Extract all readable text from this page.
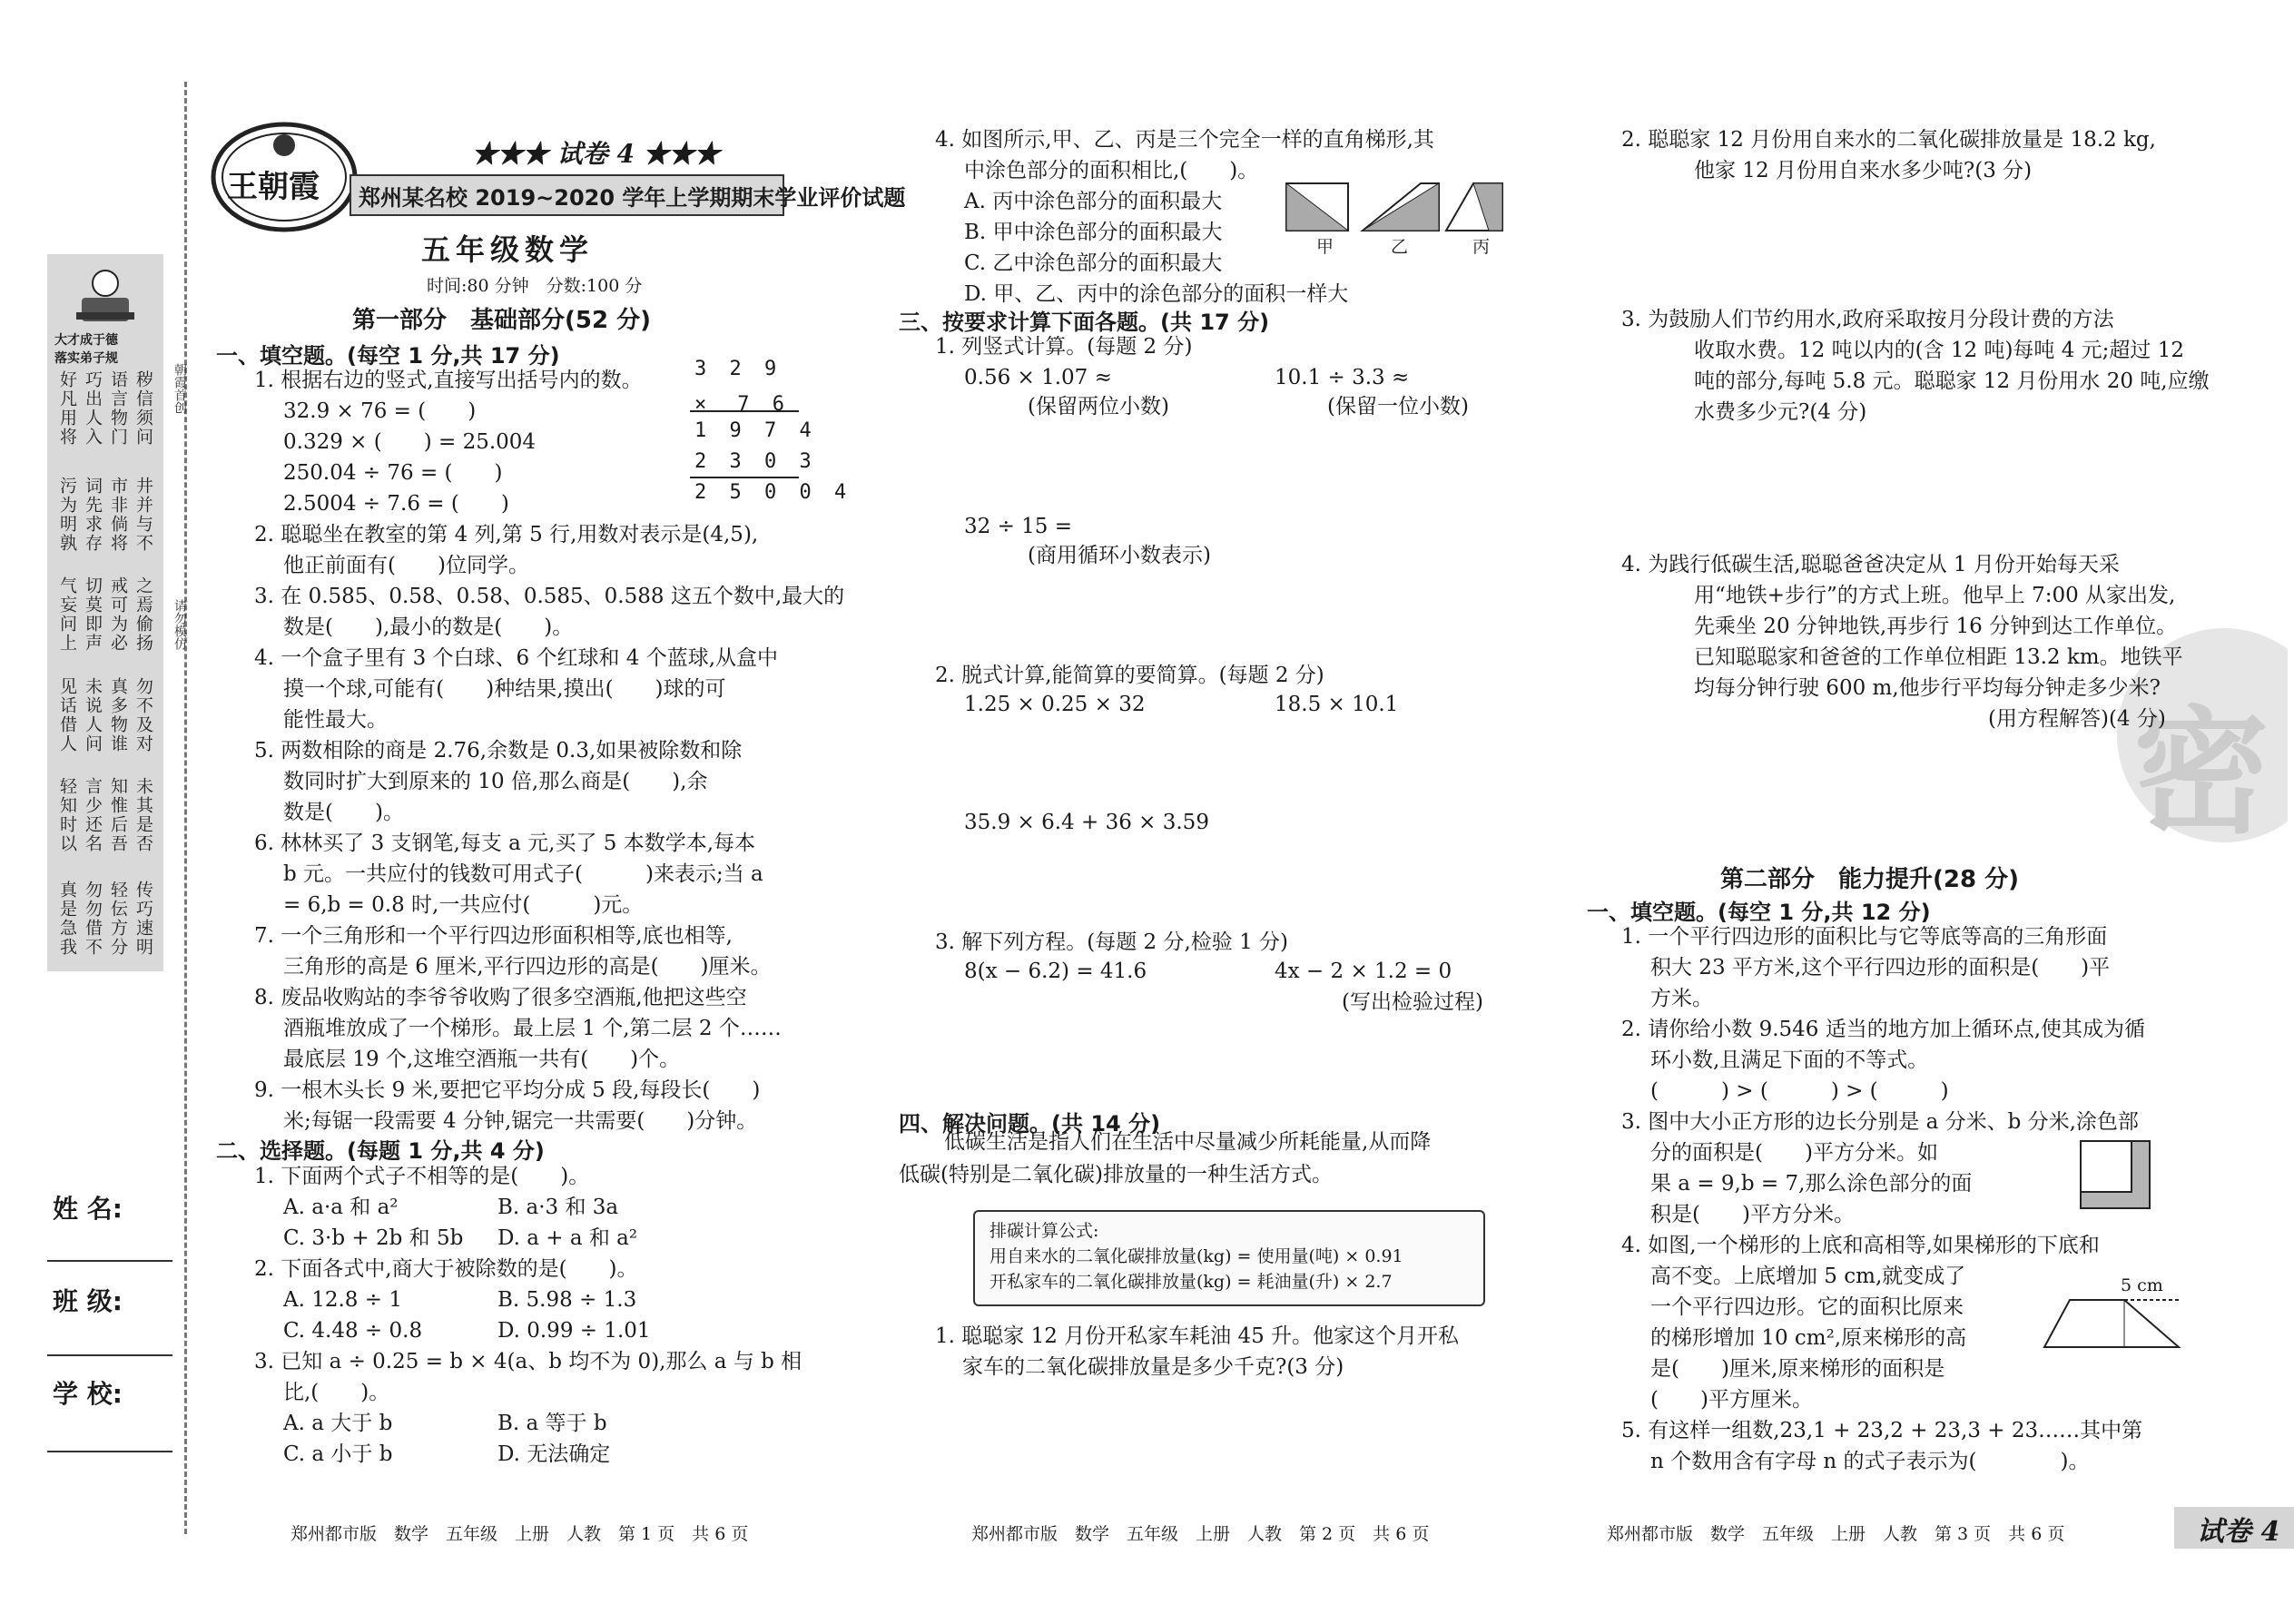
朝霞首创
请勿模仿
大才成于德
落实弟子规
好凡用将 巧出人入 语言物门 秽信须问
污为明孰 词先求存 市非倘将 井并与不
气妄问上 切莫即声 戒可为必 之焉偷扬
见话借人 未说人问 真多物谁 勿不及对
轻知时以 言少还名 知惟后吾 未其是否
真是急我 勿勿借不 轻伝方分 传巧速明
姓 名:
班 级:
学 校:
王朝霞
★★★ 试卷 4 ★★★
郑州某名校 2019~2020 学年上学期期末学业评价试题
五年级数学
时间:80 分钟　分数:100 分
第一部分　基础部分(52 分)
一、填空题。(每空 1 分,共 17 分)
1. 根据右边的竖式,直接写出括号内的数。
32.9 × 76 = (　　)
0.329 × (　　) = 25.004
250.04 ÷ 76 = (　　)
2.5004 ÷ 7.6 = (　　)
2. 聪聪坐在教室的第 4 列,第 5 行,用数对表示是(4,5),
他正前面有(　　)位同学。
3. 在 0.585、0.58、0.58、0.585、0.588 这五个数中,最大的
数是(　　),最小的数是(　　)。
4. 一个盒子里有 3 个白球、6 个红球和 4 个蓝球,从盒中
摸一个球,可能有(　　)种结果,摸出(　　)球的可
能性最大。
5. 两数相除的商是 2.76,余数是 0.3,如果被除数和除
数同时扩大到原来的 10 倍,那么商是(　　),余
数是(　　)。
6. 林林买了 3 支钢笔,每支 a 元,买了 5 本数学本,每本
b 元。一共应付的钱数可用式子(　　　)来表示;当 a
= 6,b = 0.8 时,一共应付(　　　)元。
7. 一个三角形和一个平行四边形面积相等,底也相等,
三角形的高是 6 厘米,平行四边形的高是(　　)厘米。
8. 废品收购站的李爷爷收购了很多空酒瓶,他把这些空
酒瓶堆放成了一个梯形。最上层 1 个,第二层 2 个……
最底层 19 个,这堆空酒瓶一共有(　　)个。
9. 一根木头长 9 米,要把它平均分成 5 段,每段长(　　)
米;每锯一段需要 4 分钟,锯完一共需要(　　)分钟。
3 2 9
×　7 6
1 9 7 4
2 3 0 3
2 5 0 0 4
二、选择题。(每题 1 分,共 4 分)
1. 下面两个式子不相等的是(　　)。
A. a·a 和 a²	B. a·3 和 3a
C. 3·b + 2b 和 5b D. a + a 和 a²
2. 下面各式中,商大于被除数的是(　　)。
A. 12.8 ÷ 1	B. 5.98 ÷ 1.3
C. 4.48 ÷ 0.8	D. 0.99 ÷ 1.01
3. 已知 a ÷ 0.25 = b × 4(a、b 均不为 0),那么 a 与 b 相
比,(　　)。
A. a 大于 b	B. a 等于 b
C. a 小于 b	D. 无法确定
郑州都市版　数学　五年级　上册　人教　第 1 页　共 6 页
4. 如图所示,甲、乙、丙是三个完全一样的直角梯形,其
中涂色部分的面积相比,(　　)。
A. 丙中涂色部分的面积最大
B. 甲中涂色部分的面积最大
C. 乙中涂色部分的面积最大
D. 甲、乙、丙中的涂色部分的面积一样大
甲	乙	丙
三、按要求计算下面各题。(共 17 分)
1. 列竖式计算。(每题 2 分)
0.56 × 1.07 ≈	10.1 ÷ 3.3 ≈
(保留两位小数)	(保留一位小数)
32 ÷ 15 =
(商用循环小数表示)
2. 脱式计算,能简算的要简算。(每题 2 分)
1.25 × 0.25 × 32	18.5 × 10.1
35.9 × 6.4 + 36 × 3.59
3. 解下列方程。(每题 2 分,检验 1 分)
8(x − 6.2) = 41.6	4x − 2 × 1.2 = 0
(写出检验过程)
四、解决问题。(共 14 分)
低碳生活是指人们在生活中尽量减少所耗能量,从而降
低碳(特别是二氧化碳)排放量的一种生活方式。
排碳计算公式:
用自来水的二氧化碳排放量(kg) = 使用量(吨) × 0.91
开私家车的二氧化碳排放量(kg) = 耗油量(升) × 2.7
1. 聪聪家 12 月份开私家车耗油 45 升。他家这个月开私
家车的二氧化碳排放量是多少千克?(3 分)
郑州都市版　数学　五年级　上册　人教　第 2 页　共 6 页
密
2. 聪聪家 12 月份用自来水的二氧化碳排放量是 18.2 kg,
他家 12 月份用自来水多少吨?(3 分)
3. 为鼓励人们节约用水,政府采取按月分段计费的方法
收取水费。12 吨以内的(含 12 吨)每吨 4 元;超过 12
吨的部分,每吨 5.8 元。聪聪家 12 月份用水 20 吨,应缴
水费多少元?(4 分)
4. 为践行低碳生活,聪聪爸爸决定从 1 月份开始每天采
用“地铁+步行”的方式上班。他早上 7:00 从家出发,
先乘坐 20 分钟地铁,再步行 16 分钟到达工作单位。
已知聪聪家和爸爸的工作单位相距 13.2 km。地铁平
均每分钟行驶 600 m,他步行平均每分钟走多少米?
(用方程解答)(4 分)
第二部分　能力提升(28 分)
一、填空题。(每空 1 分,共 12 分)
1. 一个平行四边形的面积比与它等底等高的三角形面
积大 23 平方米,这个平行四边形的面积是(　　)平
方米。
2. 请你给小数 9.546 适当的地方加上循环点,使其成为循
环小数,且满足下面的不等式。
(　　　) > (　　　) > (　　　)
3. 图中大小正方形的边长分别是 a 分米、b 分米,涂色部
分的面积是(　　)平方分米。如
果 a = 9,b = 7,那么涂色部分的面
积是(　　)平方分米。
4. 如图,一个梯形的上底和高相等,如果梯形的下底和
高不变。上底增加 5 cm,就变成了
一个平行四边形。它的面积比原来
的梯形增加 10 cm²,原来梯形的高
是(　　)厘米,原来梯形的面积是
(　　)平方厘米。
5. 有这样一组数,23,1 + 23,2 + 23,3 + 23……其中第
n 个数用含有字母 n 的式子表示为(　　　　)。
5 cm
郑州都市版　数学　五年级　上册　人教　第 3 页　共 6 页	试卷 4
